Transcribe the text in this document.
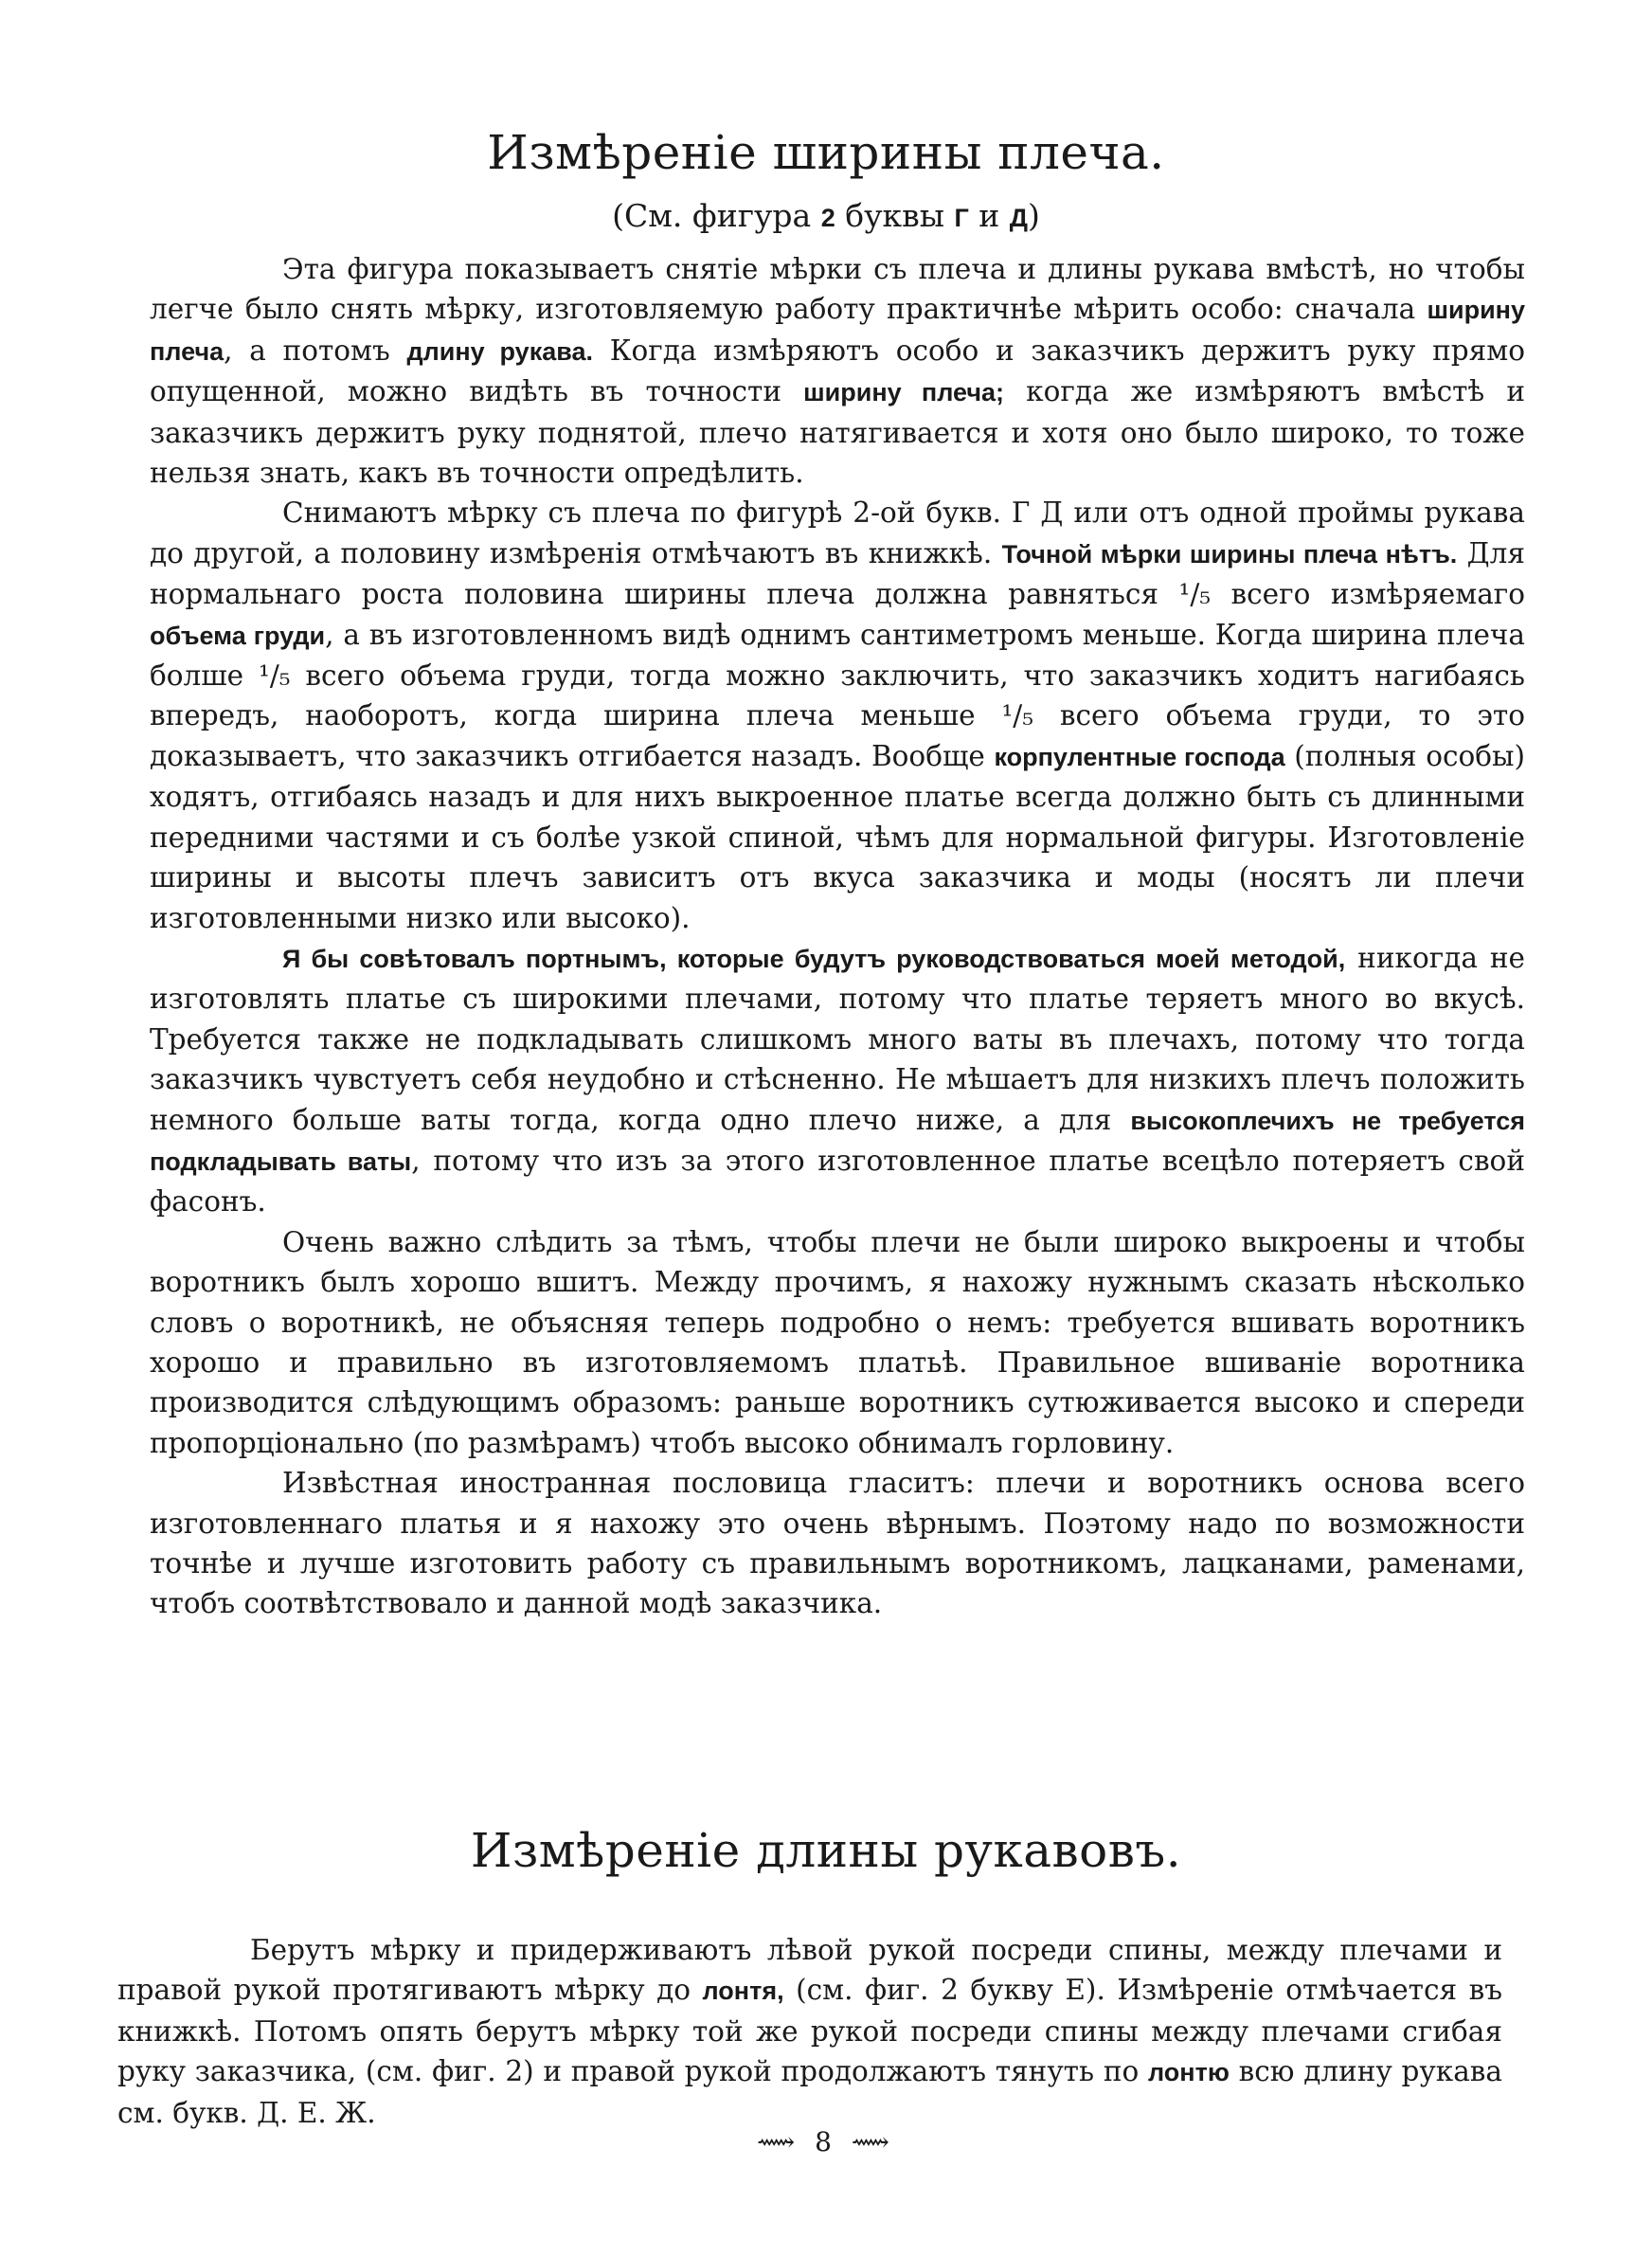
Измѣреніе ширины плеча.
(См. фигура 2 буквы Г и Д)

Эта фигура показываетъ снятіе мѣрки съ плеча и длины рукава вмѣстѣ, но чтобы легче было снять мѣрку, изготовляемую работу практичнѣе мѣрить особо: сначала ширину плеча, а потомъ длину рукава. Когда измѣряютъ особо и заказчикъ держитъ руку прямо опущенной, можно видѣть въ точности ширину плеча; когда же измѣряютъ вмѣстѣ и заказчикъ держитъ руку поднятой, плечо натягивается и хотя оно было широко, то тоже нельзя знать, какъ въ точности опредѣлить.

Снимаютъ мѣрку съ плеча по фигурѣ 2-ой букв. Г Д или отъ одной проймы рукава до другой, а половину измѣренія отмѣчаютъ въ книжкѣ. Точной мѣрки ширины плеча нѣтъ. Для нормальнаго роста половина ширины плеча должна равняться ¹/₅ всего измѣряемаго объема груди, а въ изготовленномъ видѣ однимъ сантиметромъ меньше. Когда ширина плеча болше ¹/₅ всего объема груди, тогда можно заключить, что заказчикъ ходитъ нагибаясь впередъ, наоборотъ, когда ширина плеча меньше ¹/₅ всего объема груди, то это доказываетъ, что заказчикъ отгибается назадъ. Вообще корпулентные господа (полныя особы) ходятъ, отгибаясь назадъ и для нихъ выкроенное платье всегда должно быть съ длинными передними частями и съ болѣе узкой спиной, чѣмъ для нормальной фигуры. Изготовленіе ширины и высоты плечъ зависитъ отъ вкуса заказчика и моды (носятъ ли плечи изготовленными низко или высоко).

Я бы совѣтовалъ портнымъ, которые будутъ руководствоваться моей методой, никогда не изготовлять платье съ широкими плечами, потому что платье теряетъ много во вкусѣ. Требуется также не подкладывать слишкомъ много ваты въ плечахъ, потому что тогда заказчикъ чувстуетъ себя неудобно и стѣсненно. Не мѣшаетъ для низкихъ плечъ положить немного больше ваты тогда, когда одно плечо ниже, а для высокоплечихъ не требуется подкладывать ваты, потому что изъ за этого изготовленное платье всецѣло потеряетъ свой фасонъ.

Очень важно слѣдить за тѣмъ, чтобы плечи не были широко выкроены и чтобы воротникъ былъ хорошо вшитъ. Между прочимъ, я нахожу нужнымъ сказать нѣсколько словъ о воротникѣ, не объясняя теперь подробно о немъ: требуется вшивать воротникъ хорошо и правильно въ изготовляемомъ платьѣ. Правильное вшиваніе воротника производится слѣдующимъ образомъ: раньше воротникъ сутюживается высоко и спереди пропорціонально (по размѣрамъ) чтобъ высоко обнималъ горловину.

Извѣстная иностранная пословица гласитъ: плечи и воротникъ основа всего изготовленнаго платья и я нахожу это очень вѣрнымъ. Поэтому надо по возможности точнѣе и лучше изготовить работу съ правильнымъ воротникомъ, лацканами, раменами, чтобъ соотвѣтствовало и данной модѣ заказчика.

Измѣреніе длины рукавовъ.

Берутъ мѣрку и придерживаютъ лѣвой рукой посреди спины, между плечами и правой рукой протягиваютъ мѣрку до лонтя, (см. фиг. 2 букву Е). Измѣреніе отмѣчается въ книжкѣ. Потомъ опять берутъ мѣрку той же рукой посреди спины между плечами сгибая руку заказчика, (см. фиг. 2) и правой рукой продолжаютъ тянуть по лонтю всю длину рукава см. букв. Д. Е. Ж.

⟿ 8 ⟿
